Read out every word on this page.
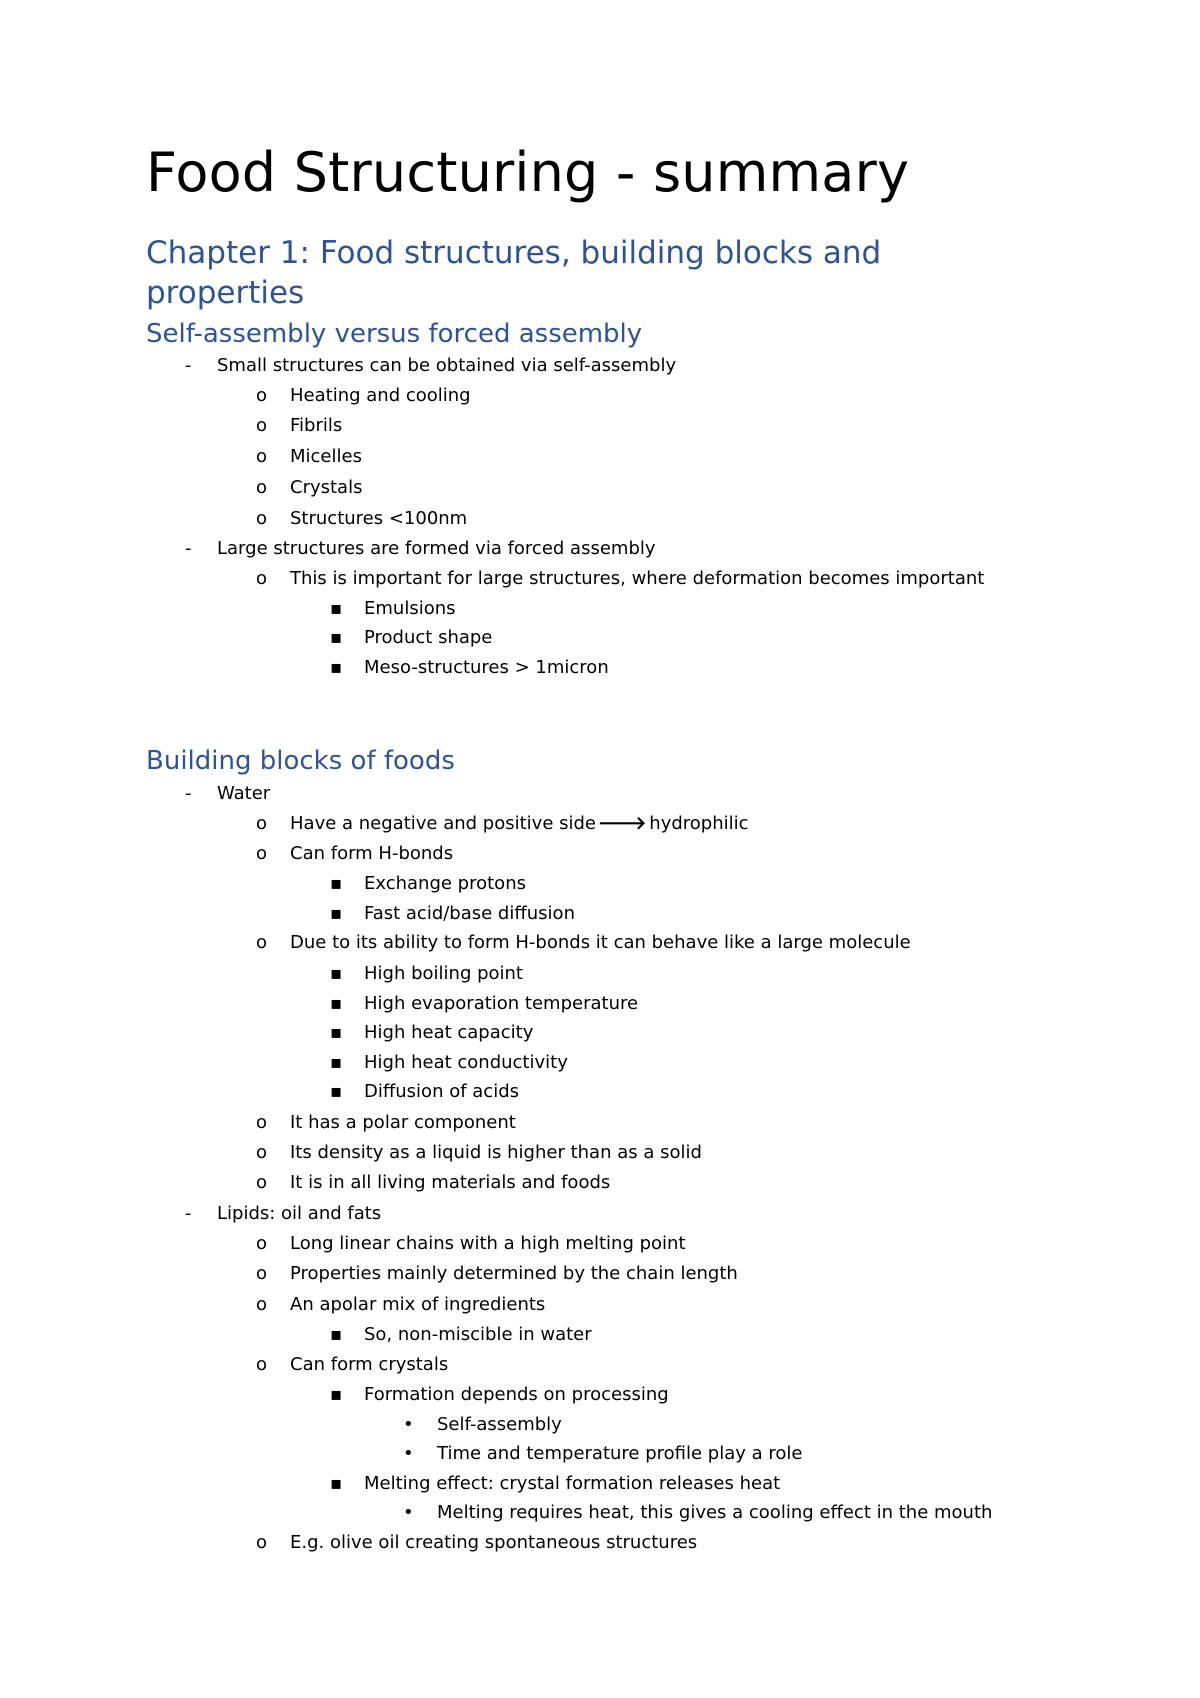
Food Structuring - summary
Chapter 1: Food structures, building blocks and properties
Self-assembly versus forced assembly
- Small structures can be obtained via self-assembly
o Heating and cooling
o Fibrils
o Micelles
o Crystals
o Structures <100nm
- Large structures are formed via forced assembly
o This is important for large structures, where deformation becomes important
▪ Emulsions
▪ Product shape
▪ Meso-structures > 1micron
Building blocks of foods
- Water
o Have a negative and positive side 🡒 hydrophilic
o Can form H-bonds
▪ Exchange protons
▪ Fast acid/base diffusion
o Due to its ability to form H-bonds it can behave like a large molecule
▪ High boiling point
▪ High evaporation temperature
▪ High heat capacity
▪ High heat conductivity
▪ Diffusion of acids
o It has a polar component
o Its density as a liquid is higher than as a solid
o It is in all living materials and foods
- Lipids: oil and fats
o Long linear chains with a high melting point
o Properties mainly determined by the chain length
o An apolar mix of ingredients
▪ So, non-miscible in water
o Can form crystals
▪ Formation depends on processing
• Self-assembly
• Time and temperature profile play a role
▪ Melting effect: crystal formation releases heat
• Melting requires heat, this gives a cooling effect in the mouth
o E.g. olive oil creating spontaneous structures
